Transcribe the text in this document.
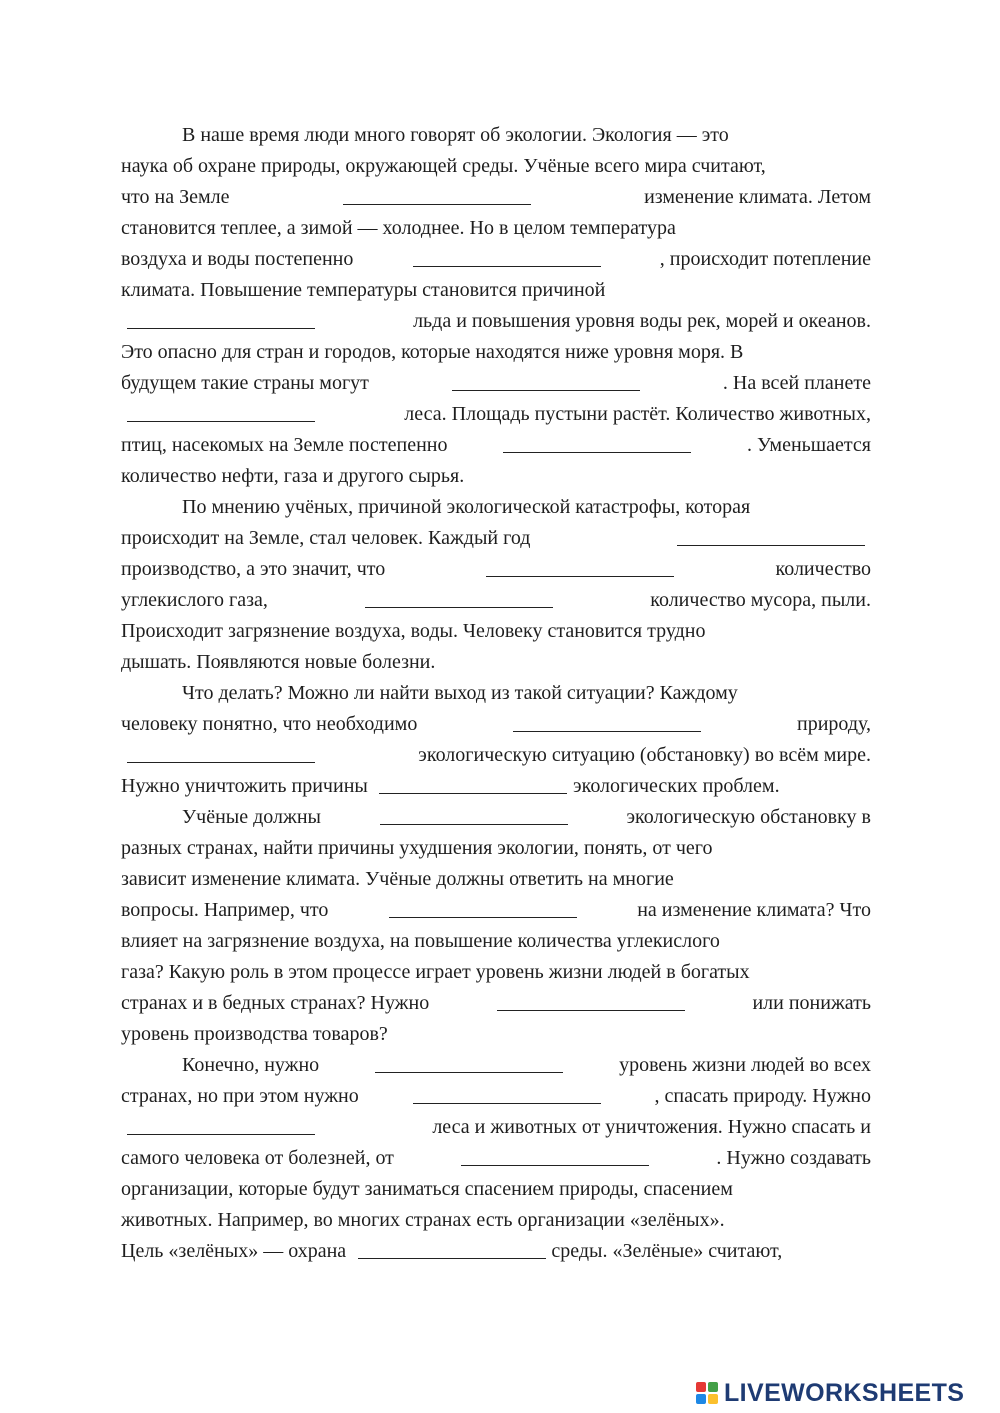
В наше время люди много говорят об экологии. Экология — это
наука об охране природы, окружающей среды. Учёные всего мира считают,
что на Земле	изменение климата. Летом
становится теплее, а зимой — холоднее. Но в целом температура
воздуха и воды постепенно	, происходит потепление
климата. Повышение температуры становится причиной
льда и повышения уровня воды рек, морей и океанов.
Это опасно для стран и городов, которые находятся ниже уровня моря. В
будущем такие страны могут	. На всей планете
леса. Площадь пустыни растёт. Количество животных,
птиц, насекомых на Земле постепенно	. Уменьшается
количество нефти, газа и другого сырья.
По мнению учёных, причиной экологической катастрофы, которая
происходит на Земле, стал человек. Каждый год
производство, а это значит, что	количество
углекислого газа,	количество мусора, пыли.
Происходит загрязнение воздуха, воды. Человеку становится трудно
дышать. Появляются новые болезни.
Что делать? Можно ли найти выход из такой ситуации? Каждому
человеку понятно, что необходимо	природу,
экологическую ситуацию (обстановку) во всём мире.
Нужно уничтожить причины	экологических проблем.
Учёные должны	экологическую обстановку в
разных странах, найти причины ухудшения экологии, понять, от чего
зависит изменение климата. Учёные должны ответить на многие
вопросы. Например, что	на изменение климата? Что
влияет на загрязнение воздуха, на повышение количества углекислого
газа? Какую роль в этом процессе играет уровень жизни людей в богатых
странах и в бедных странах? Нужно	или понижать
уровень производства товаров?
Конечно, нужно	уровень жизни людей во всех
странах, но при этом нужно	, спасать природу. Нужно
леса и животных от уничтожения. Нужно спасать и
самого человека от болезней, от	. Нужно создавать
организации, которые будут заниматься спасением природы, спасением
животных. Например, во многих странах есть организации «зелёных».
Цель «зелёных» — охрана	среды. «Зелёные» считают,
LIVEWORKSHEETS
